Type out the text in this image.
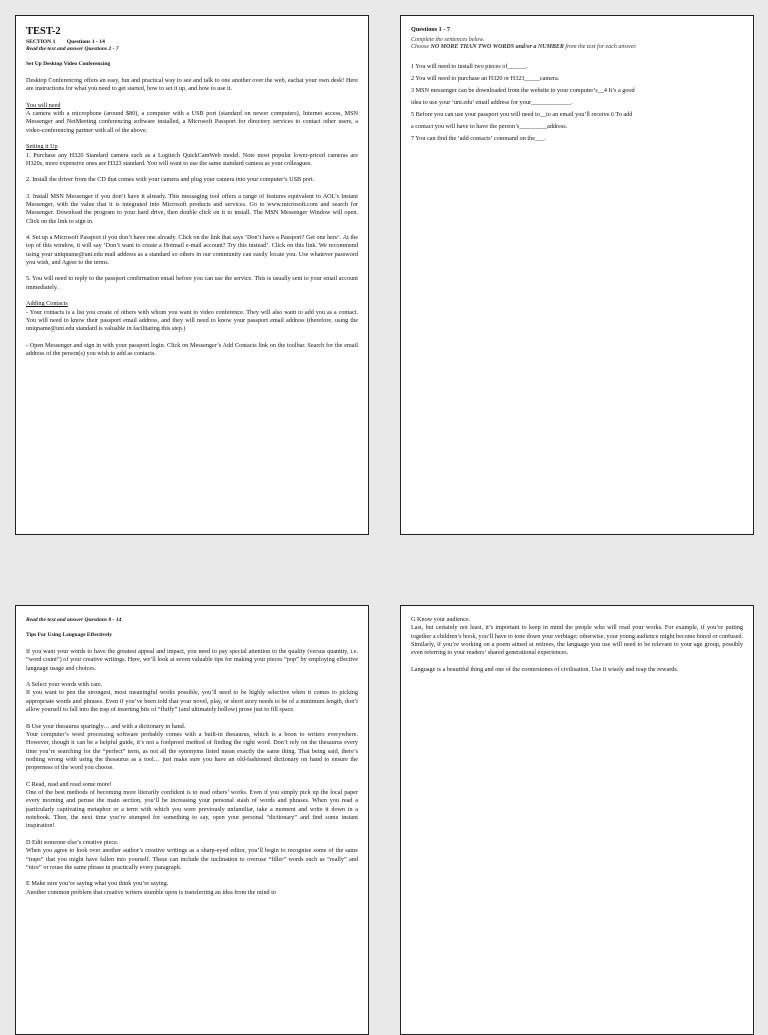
TEST-2
SECTION 1 Questions 1 - 14
Read the text and answer Questions 2 - 7
Set Up Desktop Video Conferencing

Desktop Conferencing offers an easy, fun and practical way to see and talk to one another over the web, eachat your own desk! Here are instructions for what you need to get started, how to set it up, and how to use it.

You will need

A camera with a microphone (around $80), a computer with a USB port (standard on newer computers), Internet access, MSN Messenger and NetMeeting conferencing software installed, a Microsoft Passport for directory services to contact other users, a video-conferencing partner with all of the above.

Setting it Up

1. Purchase any H320 Standard camera such as a Logitech QuickCamWeb model. Note most popular lower-priced cameras are H320s, more expensive ones are H323 standard. You will want to use the same standard camera as your colleagues.

2. Install the driver from the CD that comes with your camera and plug your camera into your computer’s USB port.

3. Install MSN Messenger if you don’t have it already. This messaging tool offers a range of features equivalent to AOL’s Instant Messenger, with the value that it is integrated into Microsoft products and services. Go to www.microsoft.com and search for Messenger. Download the program to your hard drive, then double click on it to install. The MSN Messenger Window will open. Click on the link to sign in.

4. Set up a Microsoft Passport if you don’t have one already. Click on the link that says ‘Don’t have a Passport? Get one here’. At the top of this window, it will say ‘Don’t want to create a Hotmail e-mail account? Try this instead’. Click on this link. We recommend using your uniqname@uni.edu mail address as a standard so others in our community can easily locate you. Use whatever password you wish, and Agree to the terms.

5. You will need to reply to the passport confirmation email before you can use the service. This is usually sent to your email account immediately.

Adding Contacts

- Your contacts is a list you create of others with whom you want to video conference. They will also want to add you as a contact. You will need to know their passport email address, and they will need to know your passport email address (therefore, using the uniqname@uni.edu standard is valuable in facilitating this step.)

- Open Messenger and sign in with your passport login. Click on Messenger’s Add Contacts link on the toolbar. Search for the email address of the person(s) you wish to add as contacts.

Questions 1 - 7
Complete the sentences below.
Choose NO MORE THAN TWO WORDS and/or a NUMBER from the text for each answer.
1 You will need to install two pieces of______.
2 You will need to purchase an H320 or H323_____camera.
3 MSN messenger can be downloaded from the website to your computer’s__4 It’s a good
idea to use your ‘uni.edu’ email address for your_____________.
5 Before you can use your passport you will need to__to an email you’ll receive.6 To add
a contact you will have to have the person’s_________address.
7 You can find the ‘add contacts’ command on the___.
Read the text and answer Questions 8 - 14
Tips For Using Language Effectively

If you want your words to have the greatest appeal and impact, you need to pay special attention to the quality (versus quantity, i.e. “word count”) of your creative writings. Here, we’ll look at seven valuable tips for making your pieces “pop” by employing effective language usage and choices.

A Select your words with care.

If you want to pen the strongest, most meaningful works possible, you’ll need to be highly selective when it comes to picking appropriate words and phrases. Even if you’ve been told that your novel, play, or short story needs to be of a minimum length, don’t allow yourself to fall into the trap of inserting bits of “fluffy” (and ultimately hollow) prose just to fill space.

B Use your thesaurus sparingly… and with a dictionary in hand.

Your computer’s word processing software probably comes with a built-in thesaurus, which is a boon to writers everywhere. However, though it can be a helpful guide, it’s not a foolproof method of finding the right word. Don’t rely on the thesaurus every time you’re searching for the “perfect” term, as not all the synonyms listed mean exactly the same thing. That being said, there’s nothing wrong with using the thesaurus as a tool… just make sure you have an old-fashioned dictionary on hand to ensure the properness of the word you choose.

C Read, read and read some more!

One of the best methods of becoming more literarily confident is to read others’ works. Even if you simply pick up the local paper every morning and peruse the main section, you’ll be increasing your personal stash of words and phrases. When you read a particularly captivating metaphor or a term with which you were previously unfamiliar, take a moment and write it down in a notebook. Then, the next time you’re stumped for something to say, open your personal “dictionary” and find some instant inspiration!

D Edit someone else’s creative piece.

When you agree to look over another author’s creative writings as a sharp-eyed editor, you’ll begin to recognise some of the same “traps” that you might have fallen into yourself. These can include the inclination to overuse “filler” words such as “really” and “nice” or reuse the same phrase in practically every paragraph.

E Make sure you’re saying what you think you’re saying.

Another common problem that creative writers stumble upon is transferring an idea from the mind to

G Know your audience.

Last, but certainly not least, it’s important to keep in mind the people who will read your works. For example, if you’re putting together a children’s book, you’ll have to tone down your verbiage; otherwise, your young audience might become bored or confused. Similarly, if you’re working on a poem aimed at retirees, the language you use will need to be relevant to your age group, possibly even referring to your readers’ shared generational experiences.

Language is a beautiful thing and one of the cornerstones of civilisation. Use it wisely and reap the rewards.
